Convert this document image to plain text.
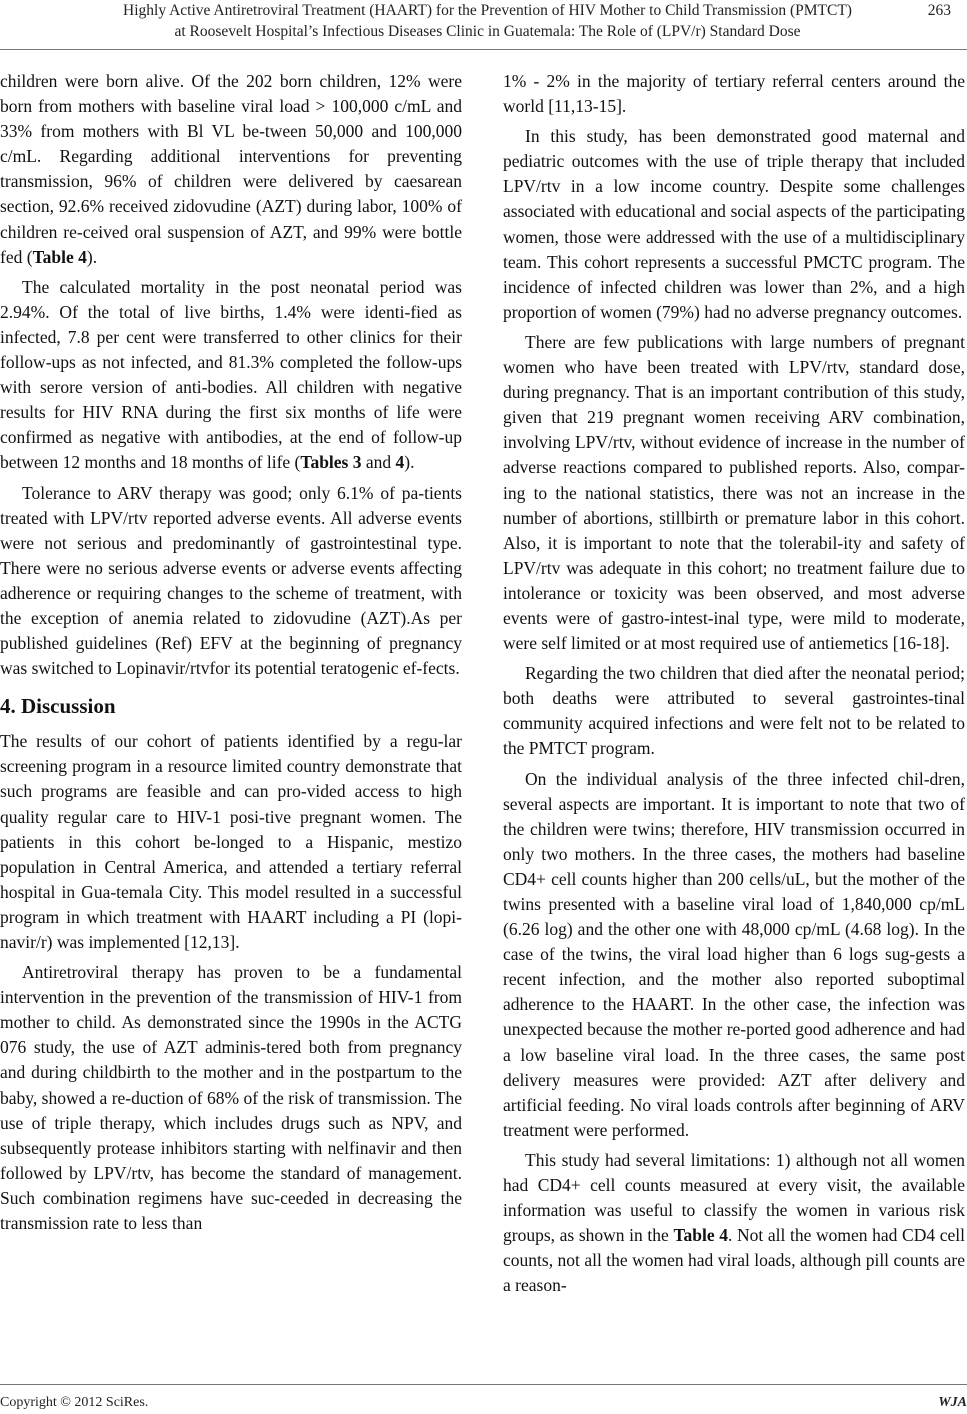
Highly Active Antiretroviral Treatment (HAART) for the Prevention of HIV Mother to Child Transmission (PMTCT)
at Roosevelt Hospital’s Infectious Diseases Clinic in Guatemala: The Role of (LPV/r) Standard Dose
263

children were born alive. Of the 202 born children, 12% were born from mothers with baseline viral load > 100,000 c/mL and 33% from mothers with Bl VL be-tween 50,000 and 100,000 c/mL. Regarding additional interventions for preventing transmission, 96% of children were delivered by caesarean section, 92.6% received zidovudine (AZT) during labor, 100% of children re-ceived oral suspension of AZT, and 99% were bottle fed (Table 4).

The calculated mortality in the post neonatal period was 2.94%. Of the total of live births, 1.4% were identi-fied as infected, 7.8 per cent were transferred to other clinics for their follow-ups as not infected, and 81.3% completed the follow-ups with serore version of anti-bodies. All children with negative results for HIV RNA during the first six months of life were confirmed as negative with antibodies, at the end of follow-up between 12 months and 18 months of life (Tables 3 and 4).

Tolerance to ARV therapy was good; only 6.1% of pa-tients treated with LPV/rtv reported adverse events. All adverse events were not serious and predominantly of gastrointestinal type. There were no serious adverse events or adverse events affecting adherence or requiring changes to the scheme of treatment, with the exception of anemia related to zidovudine (AZT).As per published guidelines (Ref) EFV at the beginning of pregnancy was switched to Lopinavir/rtvfor its potential teratogenic ef-fects.

4. Discussion

The results of our cohort of patients identified by a regu-lar screening program in a resource limited country demonstrate that such programs are feasible and can pro-vided access to high quality regular care to HIV-1 posi-tive pregnant women. The patients in this cohort be-longed to a Hispanic, mestizo population in Central America, and attended a tertiary referral hospital in Gua-temala City. This model resulted in a successful program in which treatment with HAART including a PI (lopi-navir/r) was implemented [12,13].

Antiretroviral therapy has proven to be a fundamental intervention in the prevention of the transmission of HIV-1 from mother to child. As demonstrated since the 1990s in the ACTG 076 study, the use of AZT adminis-tered both from pregnancy and during childbirth to the mother and in the postpartum to the baby, showed a re-duction of 68% of the risk of transmission. The use of triple therapy, which includes drugs such as NPV, and subsequently protease inhibitors starting with nelfinavir and then followed by LPV/rtv, has become the standard of management. Such combination regimens have suc-ceeded in decreasing the transmission rate to less than

1% - 2% in the majority of tertiary referral centers around the world [11,13-15].

In this study, has been demonstrated good maternal and pediatric outcomes with the use of triple therapy that included LPV/rtv in a low income country. Despite some challenges associated with educational and social aspects of the participating women, those were addressed with the use of a multidisciplinary team. This cohort represents a successful PMCTC program. The incidence of infected children was lower than 2%, and a high proportion of women (79%) had no adverse pregnancy outcomes.

There are few publications with large numbers of pregnant women who have been treated with LPV/rtv, standard dose, during pregnancy. That is an important contribution of this study, given that 219 pregnant women receiving ARV combination, involving LPV/rtv, without evidence of increase in the number of adverse reactions compared to published reports. Also, compar-ing to the national statistics, there was not an increase in the number of abortions, stillbirth or premature labor in this cohort. Also, it is important to note that the tolerabil-ity and safety of LPV/rtv was adequate in this cohort; no treatment failure due to intolerance or toxicity was been observed, and most adverse events were of gastro-intest-inal type, were mild to moderate, were self limited or at most required use of antiemetics [16-18].

Regarding the two children that died after the neonatal period; both deaths were attributed to several gastrointes-tinal community acquired infections and were felt not to be related to the PMTCT program.

On the individual analysis of the three infected chil-dren, several aspects are important. It is important to note that two of the children were twins; therefore, HIV transmission occurred in only two mothers. In the three cases, the mothers had baseline CD4+ cell counts higher than 200 cells/uL, but the mother of the twins presented with a baseline viral load of 1,840,000 cp/mL (6.26 log) and the other one with 48,000 cp/mL (4.68 log). In the case of the twins, the viral load higher than 6 logs sug-gests a recent infection, and the mother also reported suboptimal adherence to the HAART. In the other case, the infection was unexpected because the mother re-ported good adherence and had a low baseline viral load. In the three cases, the same post delivery measures were provided: AZT after delivery and artificial feeding. No viral loads controls after beginning of ARV treatment were performed.

This study had several limitations: 1) although not all women had CD4+ cell counts measured at every visit, the available information was useful to classify the women in various risk groups, as shown in the Table 4. Not all the women had CD4 cell counts, not all the women had viral loads, although pill counts are a reason-

Copyright © 2012 SciRes.	WJA
